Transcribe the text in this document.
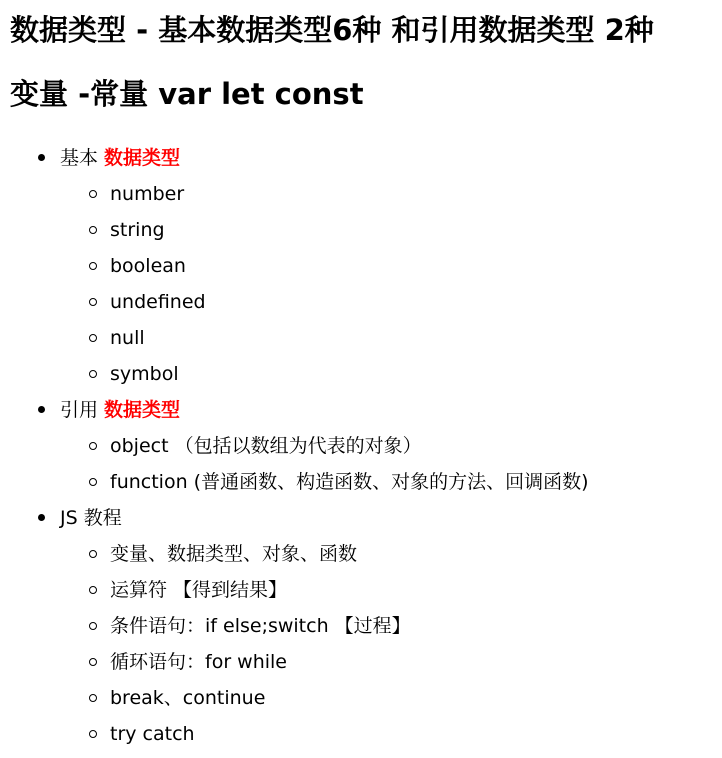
数据类型 - 基本数据类型6种 和引用数据类型 2种
变量 -常量 var let const
基本 数据类型
number
string
boolean
undefined
null
symbol
引用 数据类型
object （包括以数组为代表的对象）
function (普通函数、构造函数、对象的方法、回调函数)
JS 教程
变量、数据类型、对象、函数
运算符 【得到结果】
条件语句：if else;switch 【过程】
循环语句：for while
break、continue
try catch
